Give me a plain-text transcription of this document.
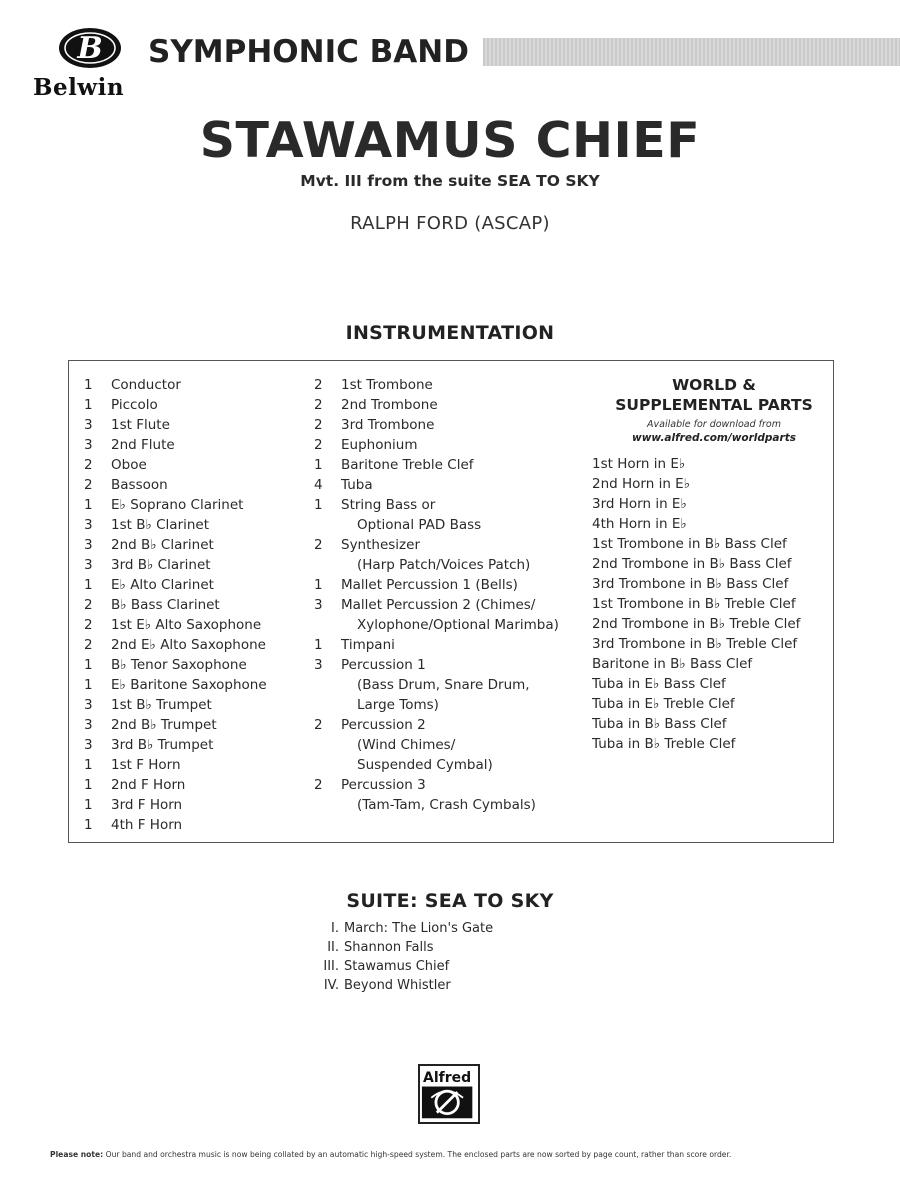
B
Belwin
SYMPHONIC BAND
STAWAMUS CHIEF
Mvt. III from the suite SEA TO SKY
RALPH FORD (ASCAP)
INSTRUMENTATION
1	Conductor
1	Piccolo
3	1st Flute
3	2nd Flute
2	Oboe
2	Bassoon
1	E♭ Soprano Clarinet
3	1st B♭ Clarinet
3	2nd B♭ Clarinet
3	3rd B♭ Clarinet
1	E♭ Alto Clarinet
2	B♭ Bass Clarinet
2	1st E♭ Alto Saxophone
2	2nd E♭ Alto Saxophone
1	B♭ Tenor Saxophone
1	E♭ Baritone Saxophone
3	1st B♭ Trumpet
3	2nd B♭ Trumpet
3	3rd B♭ Trumpet
1	1st F Horn
1	2nd F Horn
1	3rd F Horn
1	4th F Horn
2	1st Trombone
2	2nd Trombone
2	3rd Trombone
2	Euphonium
1	Baritone Treble Clef
4	Tuba
1	String Bass or
Optional PAD Bass
2	Synthesizer
(Harp Patch/Voices Patch)
1	Mallet Percussion 1 (Bells)
3	Mallet Percussion 2 (Chimes/
Xylophone/Optional Marimba)
1	Timpani
3	Percussion 1
(Bass Drum, Snare Drum,
Large Toms)
2	Percussion 2
(Wind Chimes/
Suspended Cymbal)
2	Percussion 3
(Tam-Tam, Crash Cymbals)
WORLD &
SUPPLEMENTAL PARTS
Available for download from
www.alfred.com/worldparts
1st Horn in E♭
2nd Horn in E♭
3rd Horn in E♭
4th Horn in E♭
1st Trombone in B♭ Bass Clef
2nd Trombone in B♭ Bass Clef
3rd Trombone in B♭ Bass Clef
1st Trombone in B♭ Treble Clef
2nd Trombone in B♭ Treble Clef
3rd Trombone in B♭ Treble Clef
Baritone in B♭ Bass Clef
Tuba in E♭ Bass Clef
Tuba in E♭ Treble Clef
Tuba in B♭ Bass Clef
Tuba in B♭ Treble Clef
SUITE: SEA TO SKY
I. March: The Lion's Gate
II. Shannon Falls
III. Stawamus Chief
IV. Beyond Whistler
Alfred
Please note: Our band and orchestra music is now being collated by an automatic high-speed system. The enclosed parts are now sorted by page count, rather than score order.
